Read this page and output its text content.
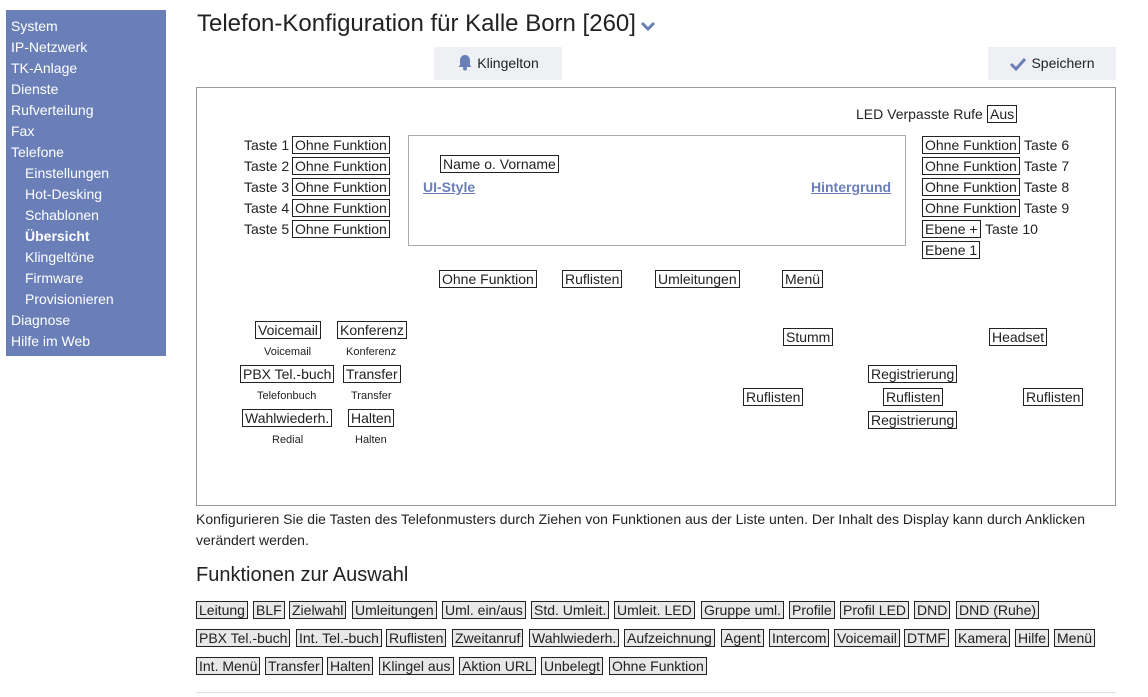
System
IP-Netzwerk
TK-Anlage
Dienste
Rufverteilung
Fax
Telefone
Einstellungen
Hot-Desking
Schablonen
Übersicht
Klingeltöne
Firmware
Provisionieren
Diagnose
Hilfe im Web
Telefon-Konfiguration für Kalle Born [260]
Klingelton	Speichern
LED Verpasste Rufe Aus
Taste 1 Ohne Funktion
Taste 2 Ohne Funktion
Taste 3 Ohne Funktion
Taste 4 Ohne Funktion
Taste 5 Ohne Funktion
Name o. Vorname
UI-Style	Hintergrund
Ohne Funktion Taste 6
Ohne Funktion Taste 7
Ohne Funktion Taste 8
Ohne Funktion Taste 9
Ebene + Taste 10
Ebene 1
Ohne Funktion Ruflisten	Umleitungen	Menü
Voicemail
Voicemail
Konferenz
Konferenz
PBX Tel.-buch
Telefonbuch
Transfer
Transfer
Wahlwiederh.
Redial
Halten
Halten
Stumm	Headset
Registrierung
Ruflisten	Ruflisten	Ruflisten
Registrierung
Konfigurieren Sie die Tasten des Telefonmusters durch Ziehen von Funktionen aus der Liste unten. Der Inhalt des Display kann durch Anklicken verändert werden.
Funktionen zur Auswahl
Leitung BLF Zielwahl Umleitungen Uml. ein/aus Std. Umleit. Umleit. LED Gruppe uml. Profile Profil LED DND DND (Ruhe)
PBX Tel.-buch Int. Tel.-buch Ruflisten Zweitanruf Wahlwiederh. Aufzeichnung Agent Intercom Voicemail DTMF Kamera Hilfe Menü
Int. Menü Transfer Halten Klingel aus Aktion URL Unbelegt Ohne Funktion
